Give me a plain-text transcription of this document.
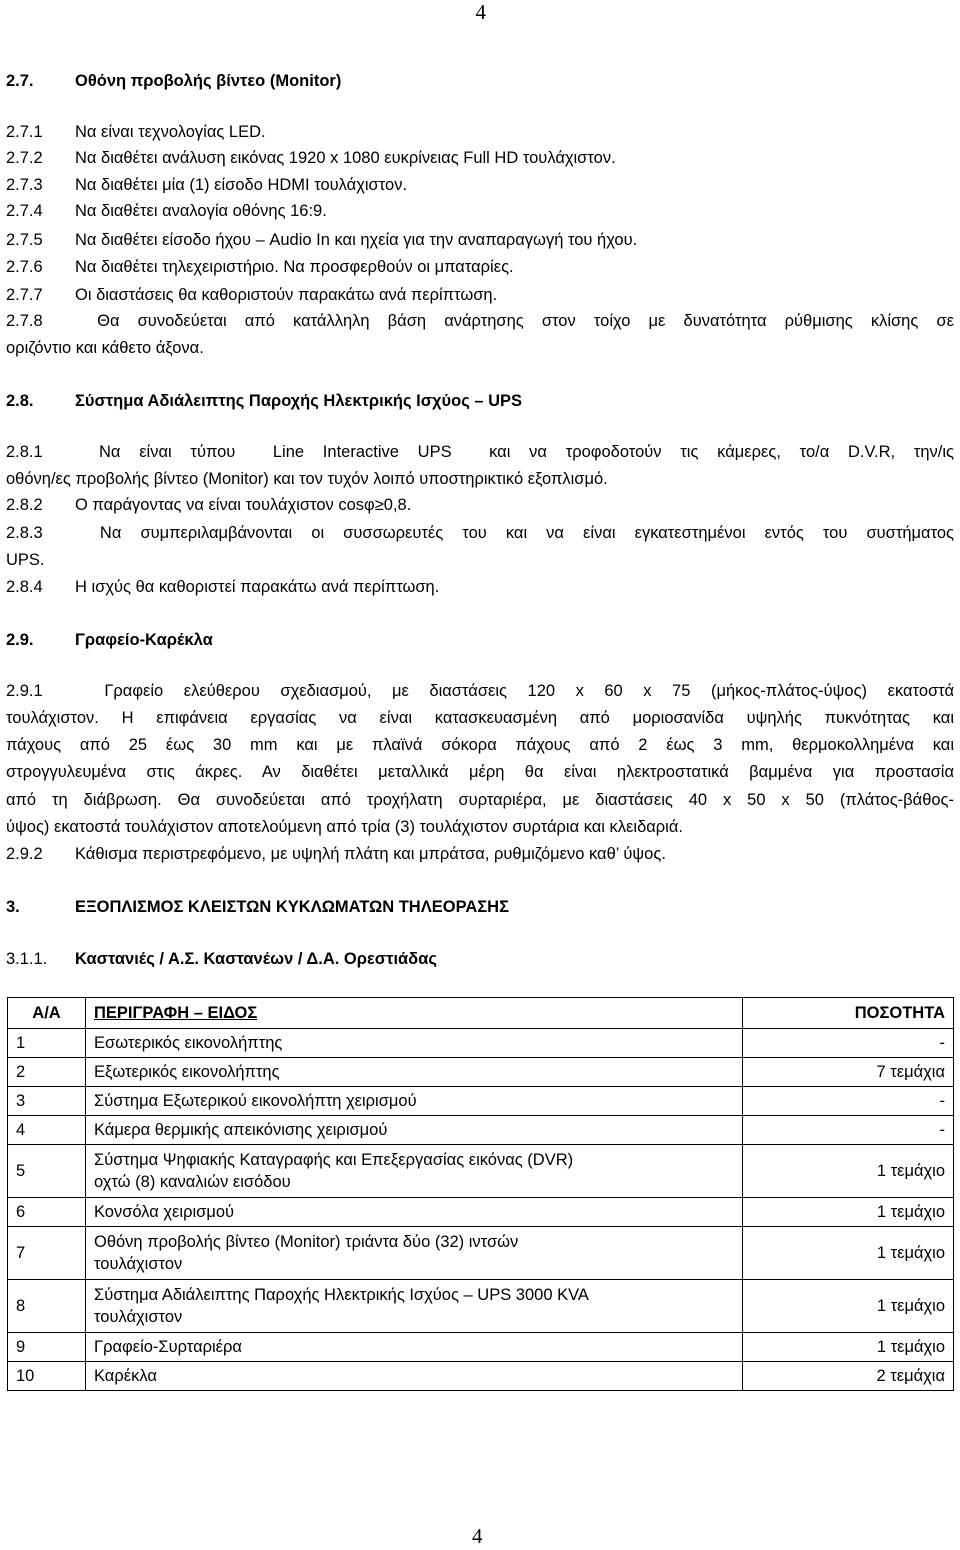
4
2.7.	Οθόνη προβολής βίντεο (Monitor)
2.7.1 Να είναι τεχνολογίας LED.
2.7.2 Να διαθέτει ανάλυση εικόνας 1920 x 1080 ευκρίνειας Full HD τουλάχιστον.
2.7.3 Να διαθέτει μία (1) είσοδο HDMI τουλάχιστον.
2.7.4 Να διαθέτει αναλογία οθόνης 16:9.
2.7.5 Να διαθέτει είσοδο ήχου – Audio In και ηχεία για την αναπαραγωγή του ήχου.
2.7.6 Να διαθέτει τηλεχειριστήριο. Να προσφερθούν οι μπαταρίες.
2.7.7 Οι διαστάσεις θα καθοριστούν παρακάτω ανά περίπτωση.
2.7.8   Θα συνοδεύεται από κατάλληλη βάση ανάρτησης στον τοίχο με δυνατότητα ρύθμισης κλίσης σε
οριζόντιο και κάθετο άξονα.
2.8.	Σύστημα Αδιάλειπτης Παροχής Ηλεκτρικής Ισχύος – UPS
2.8.1   Να είναι τύπου  Line Interactive UPS  και να τροφοδοτούν τις κάμερες, το/α D.V.R, την/ις
οθόνη/ες προβολής βίντεο (Monitor) και τον τυχόν λοιπό υποστηρικτικό εξοπλισμό.
2.8.2 Ο παράγοντας να είναι τουλάχιστον cosφ≥0,8.
2.8.3   Να συμπεριλαμβάνονται οι συσσωρευτές του και να είναι εγκατεστημένοι εντός του συστήματος
UPS.
2.8.4 Η ισχύς θα καθοριστεί παρακάτω ανά περίπτωση.
2.9.	Γραφείο-Καρέκλα
2.9.1   Γραφείο ελεύθερου σχεδιασμού, με διαστάσεις 120 x 60 x 75 (μήκος-πλάτος-ύψος) εκατοστά
τουλάχιστον. Η επιφάνεια εργασίας να είναι κατασκευασμένη από μοριοσανίδα υψηλής πυκνότητας και
πάχους από 25 έως 30 mm και με πλαϊνά σόκορα πάχους από 2 έως 3 mm, θερμοκολλημένα και
στρογγυλευμένα στις άκρες. Αν διαθέτει μεταλλικά μέρη θα είναι ηλεκτροστατικά βαμμένα για προστασία
από τη διάβρωση. Θα συνοδεύεται από τροχήλατη συρταριέρα, με διαστάσεις 40 x 50 x 50 (πλάτος-βάθος-
ύψος) εκατοστά τουλάχιστον αποτελούμενη από τρία (3) τουλάχιστον συρτάρια και κλειδαριά.
2.9.2 Κάθισμα περιστρεφόμενο, με υψηλή πλάτη και μπράτσα, ρυθμιζόμενο καθ’ ύψος.
3.	ΕΞΟΠΛΙΣΜΟΣ ΚΛΕΙΣΤΩΝ ΚΥΚΛΩΜΑΤΩΝ ΤΗΛΕΟΡΑΣΗΣ
3.1.1. Καστανιές / Α.Σ. Καστανέων / Δ.Α. Ορεστιάδας
Α/Α	ΠΕΡΙΓΡΑΦΗ – ΕΙΔΟΣ	ΠΟΣΟΤΗΤΑ
1	Εσωτερικός εικονολήπτης	-
2	Εξωτερικός εικονολήπτης	7 τεμάχια
3	Σύστημα Εξωτερικού εικονολήπτη χειρισμού	-
4	Κάμερα θερμικής απεικόνισης χειρισμού	-
5	Σύστημα Ψηφιακής Καταγραφής και Επεξεργασίας εικόνας (DVR)
οχτώ (8) καναλιών εισόδου	1 τεμάχιο
6	Κονσόλα χειρισμού	1 τεμάχιο
7	Οθόνη προβολής βίντεο (Monitor) τριάντα δύο (32) ιντσών
τουλάχιστον	1 τεμάχιο
8	Σύστημα Αδιάλειπτης Παροχής Ηλεκτρικής Ισχύος – UPS 3000 KVA
τουλάχιστον	1 τεμάχιο
9	Γραφείο-Συρταριέρα	1 τεμάχιο
10	Καρέκλα	2 τεμάχια
4
